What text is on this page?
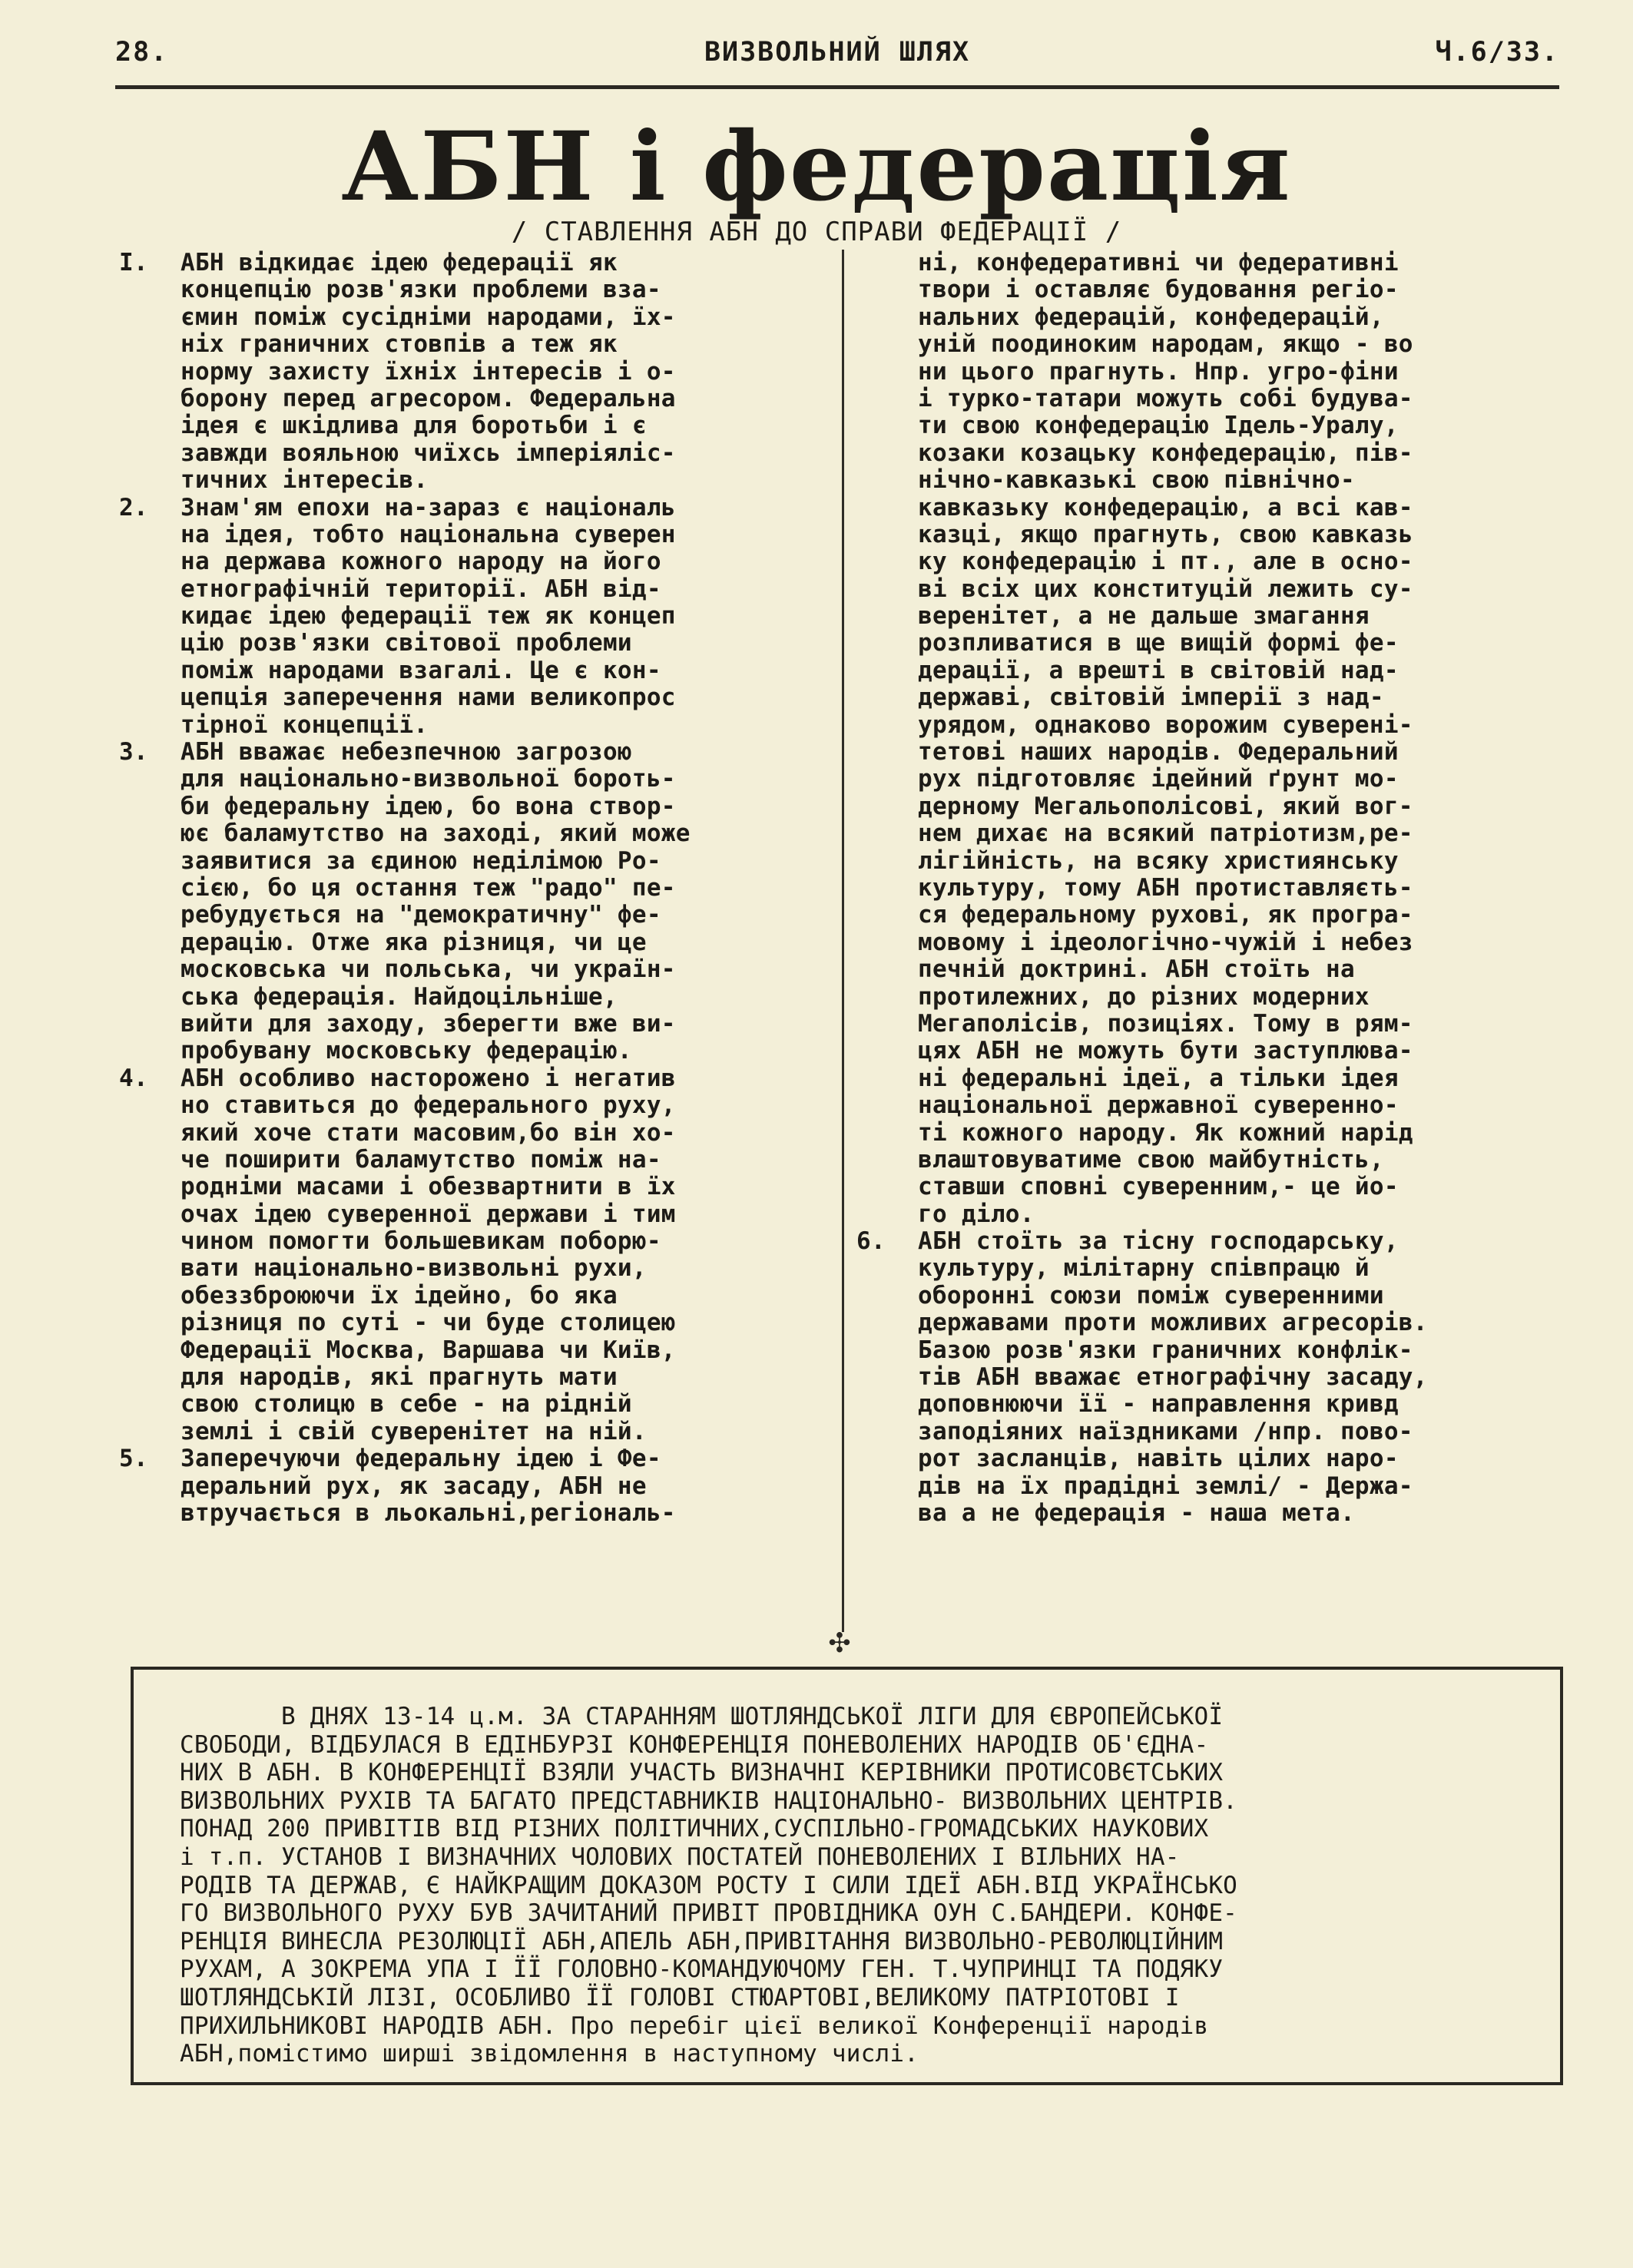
28.	ВИЗВОЛЬНИЙ ШЛЯХ	Ч.6/33.
АБН і федерація
/ СТАВЛЕННЯ АБН ДО СПРАВИ ФЕДЕРАЦІЇ /
I. АБН відкидає ідею федерації як
концепцію розв'язки проблеми вза-
ємин поміж сусідніми народами, їх-
ніх граничних стовпів а теж як
норму захисту їхніх інтересів і о-
борону перед агресором. Федеральна
ідея є шкідлива для боротьби і є
завжди вояльною чиїхсь імперіяліс-
тичних інтересів.
2. Знам'ям епохи на-зараз є національ
на ідея, тобто національна суверен
на держава кожного народу на його
етнографічній території. АБН від-
кидає ідею федерації теж як концеп
цію розв'язки світової проблеми
поміж народами взагалі. Це є кон-
цепція заперечення нами великопрос
тірної концепції.
3. АБН вважає небезпечною загрозою
для національно-визвольної бороть-
би федеральну ідею, бо вона створ-
ює баламутство на заході, який може
заявитися за єдиною неділімою Ро-
сією, бо ця остання теж "радо" пе-
ребудується на "демократичну" фе-
дерацію. Отже яка різниця, чи це
московська чи польська, чи україн-
ська федерація. Найдоцільніше,
вийти для заходу, зберегти вже ви-
пробувану московську федерацію.
4. АБН особливо насторожено і негатив
но ставиться до федерального руху,
який хоче стати масовим,бо він хо-
че поширити баламутство поміж на-
родніми масами і обезвартнити в їх
очах ідею суверенної держави і тим
чином помогти большевикам поборю-
вати національно-визвольні рухи,
обеззброюючи їх ідейно, бо яка
різниця по суті - чи буде столицею
Федерації Москва, Варшава чи Київ,
для народів, які прагнуть мати
свою столицю в себе - на рідній
землі і свій суверенітет на ній.
5. Заперечуючи федеральну ідею і Фе-
деральний рух, як засаду, АБН не
втручається в льокальні,регіональ-
ні, конфедеративні чи федеративні
твори і оставляє будовання регіо-
нальних федерацій, конфедерацій,
уній поодиноким народам, якщо - во
ни цього прагнуть. Нпр. угро-фіни
і турко-татари можуть собі будува-
ти свою конфедерацію Ідель-Уралу,
козаки козацьку конфедерацію, пів-
нічно-кавказькі свою північно-
кавказьку конфедерацію, а всі кав-
казці, якщо прагнуть, свою кавказь
ку конфедерацію і пт., але в осно-
ві всіх цих конституцій лежить су-
веренітет, а не дальше змагання
розпливатися в ще вищій формі фе-
дерації, а врешті в світовій над-
державі, світовій імперії з над-
урядом, однаково ворожим суверені-
тетові наших народів. Федеральний
рух підготовляє ідейний ґрунт мо-
дерному Мегальополісові, який вог-
нем дихає на всякий патріотизм,ре-
лігійність, на всяку християнську
культуру, тому АБН протиставляєть-
ся федеральному рухові, як програ-
мовому і ідеологічно-чужій і небез
печній доктрині. АБН стоїть на
протилежних, до різних модерних
Мегаполісів, позиціях. Тому в рям-
цях АБН не можуть бути заступлюва-
ні федеральні ідеї, а тільки ідея
національної державної суверенно-
ті кожного народу. Як кожний нарід
влаштовуватиме свою майбутність,
ставши сповні суверенним,- це йо-
го діло.
6. АБН стоїть за тісну господарську,
культуру, мілітарну співпрацю й
оборонні союзи поміж суверенними
державами проти можливих агресорів.
Базою розв'язки граничних конфлік-
тів АБН вважає етнографічну засаду,
доповнюючи її - направлення кривд
заподіяних наїздниками /нпр. пово-
рот засланців, навіть цілих наро-
дів на їх прадідні землі/ - Держа-
ва а не федерація - наша мета.
✣
В ДНЯХ 13-14 ц.м. ЗА СТАРАННЯМ ШОТЛЯНДСЬКОЇ ЛІГИ ДЛЯ ЄВРОПЕЙСЬКОЇ
СВОБОДИ, ВІДБУЛАСЯ В ЕДІНБУРЗІ КОНФЕРЕНЦІЯ ПОНЕВОЛЕНИХ НАРОДІВ ОБ'ЄДНА-
НИХ В АБН. В КОНФЕРЕНЦІЇ ВЗЯЛИ УЧАСТЬ ВИЗНАЧНІ КЕРІВНИКИ ПРОТИСОВЄТСЬКИХ
ВИЗВОЛЬНИХ РУХІВ ТА БАГАТО ПРЕДСТАВНИКІВ НАЦІОНАЛЬНО- ВИЗВОЛЬНИХ ЦЕНТРІВ.
ПОНАД 200 ПРИВІТІВ ВІД РІЗНИХ ПОЛІТИЧНИХ,СУСПІЛЬНО-ГРОМАДСЬКИХ НАУКОВИХ
і т.п. УСТАНОВ І ВИЗНАЧНИХ ЧОЛОВИХ ПОСТАТЕЙ ПОНЕВОЛЕНИХ І ВІЛЬНИХ НА-
РОДІВ ТА ДЕРЖАВ, Є НАЙКРАЩИМ ДОКАЗОМ РОСТУ І СИЛИ ІДЕЇ АБН.ВІД УКРАЇНСЬКО
ГО ВИЗВОЛЬНОГО РУХУ БУВ ЗАЧИТАНИЙ ПРИВІТ ПРОВІДНИКА ОУН С.БАНДЕРИ. КОНФЕ-
РЕНЦІЯ ВИНЕСЛА РЕЗОЛЮЦІЇ АБН,АПЕЛЬ АБН,ПРИВІТАННЯ ВИЗВОЛЬНО-РЕВОЛЮЦІЙНИМ
РУХАМ, А ЗОКРЕМА УПА І ЇЇ ГОЛОВНО-КОМАНДУЮЧОМУ ГЕН. Т.ЧУПРИНЦІ ТА ПОДЯКУ
ШОТЛЯНДСЬКІЙ ЛІЗІ, ОСОБЛИВО ЇЇ ГОЛОВІ СТЮАРТОВІ,ВЕЛИКОМУ ПАТРІОТОВІ І
ПРИХИЛЬНИКОВІ НАРОДІВ АБН. Про перебіг цієї великої Конференції народів
АБН,помістимо ширші звідомлення в наступному числі.
